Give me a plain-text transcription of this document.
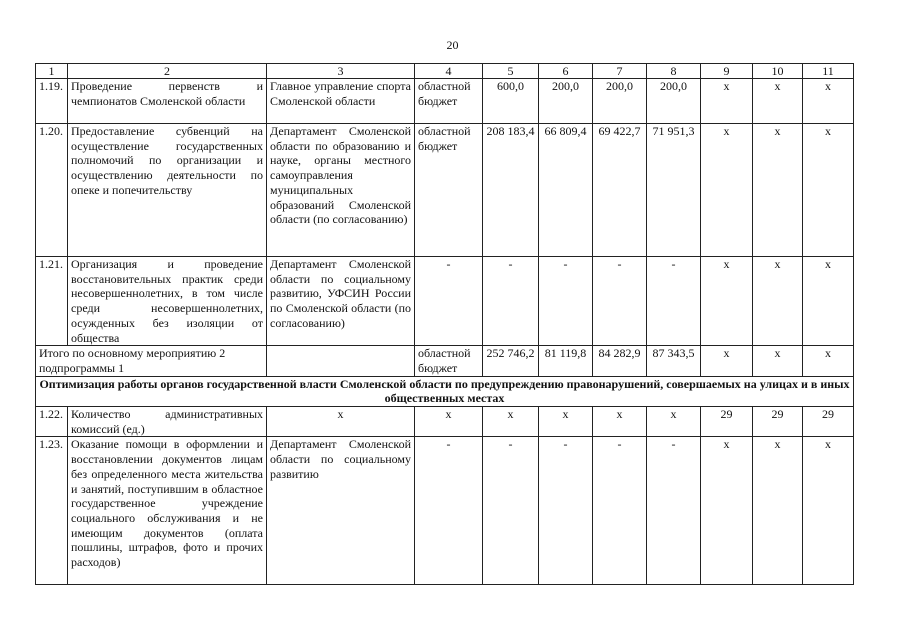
20
1	2	3	4	5	6	7	8	9	10	11
1.19.	Проведение первенств и чемпионатов Смоленской области	Главное управление спорта Смоленской области	областной бюджет	600,0	200,0	200,0	200,0	х	х	х
1.20.	Предоставление субвенций на осуществление государственных полномочий по организации и осуществлению деятельности по опеке и попечительству	Департамент Смоленской области по образованию и науке, органы местного самоуправления муниципальных образований Смоленской области (по согласованию)	областной бюджет	208 183,4	66 809,4	69 422,7	71 951,3	х	х	х
1.21.	Организация и проведение восстановительных практик среди несовершеннолетних, в том числе среди несовершеннолетних, осужденных без изоляции от общества	Департамент Смоленской области по социальному развитию, УФСИН России по Смоленской области (по согласованию)	-	-	-	-	-	х	х	х
Итого по основному мероприятию 2 подпрограммы 1			областной бюджет	252 746,2	81 119,8	84 282,9	87 343,5	х	х	х
Оптимизация работы органов государственной власти Смоленской области по предупреждению правонарушений, совершаемых на улицах и в иных общественных местах										
1.22.	Количество административных комиссий (ед.)	х	х	х	х	х	х	29	29	29
1.23.	Оказание помощи в оформлении и восстановлении документов лицам без определенного места жительства и занятий, поступившим в областное государственное учреждение социального обслуживания и не имеющим документов (оплата пошлины, штрафов, фото и прочих расходов)	Департамент Смоленской области по социальному развитию	-	-	-	-	-	х	х	х
